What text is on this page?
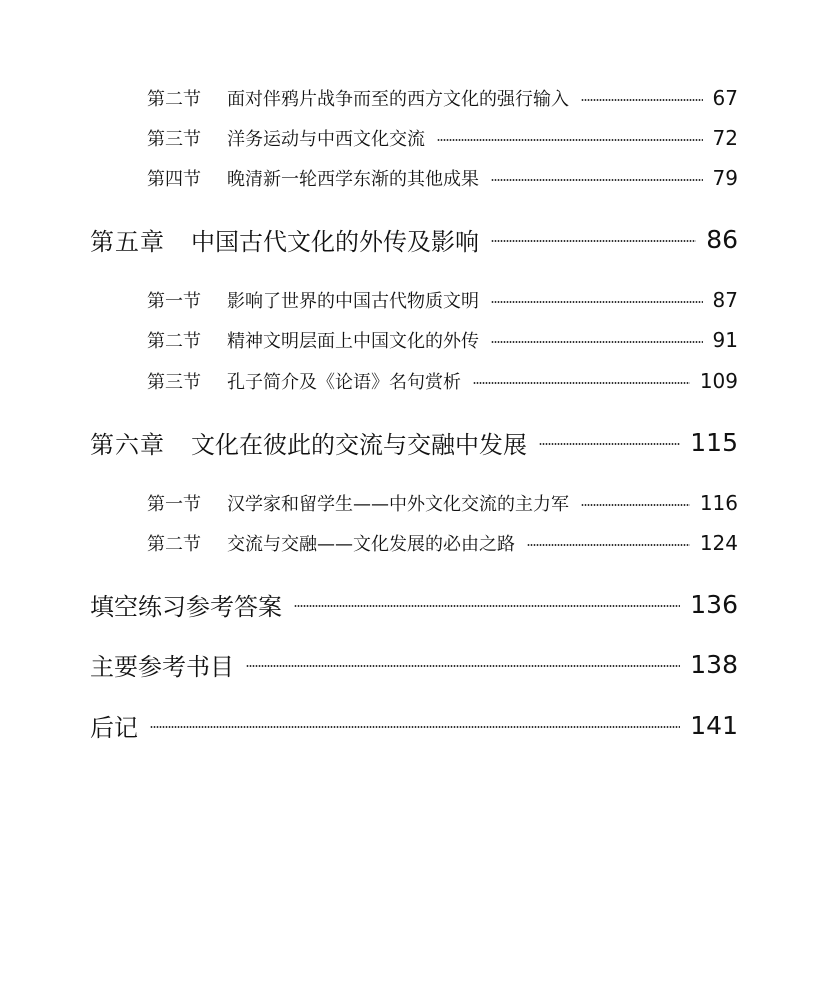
第二节	面对伴鸦片战争而至的西方文化的强行输入	67
第三节	洋务运动与中西文化交流	72
第四节	晚清新一轮西学东渐的其他成果	79
第五章 中国古代文化的外传及影响	86
第一节	影响了世界的中国古代物质文明	87
第二节	精神文明层面上中国文化的外传	91
第三节	孔子简介及《论语》名句赏析	109
第六章 文化在彼此的交流与交融中发展	115
第一节	汉学家和留学生——中外文化交流的主力军	116
第二节	交流与交融——文化发展的必由之路	124
填空练习参考答案	136
主要参考书目	138
后记	141
